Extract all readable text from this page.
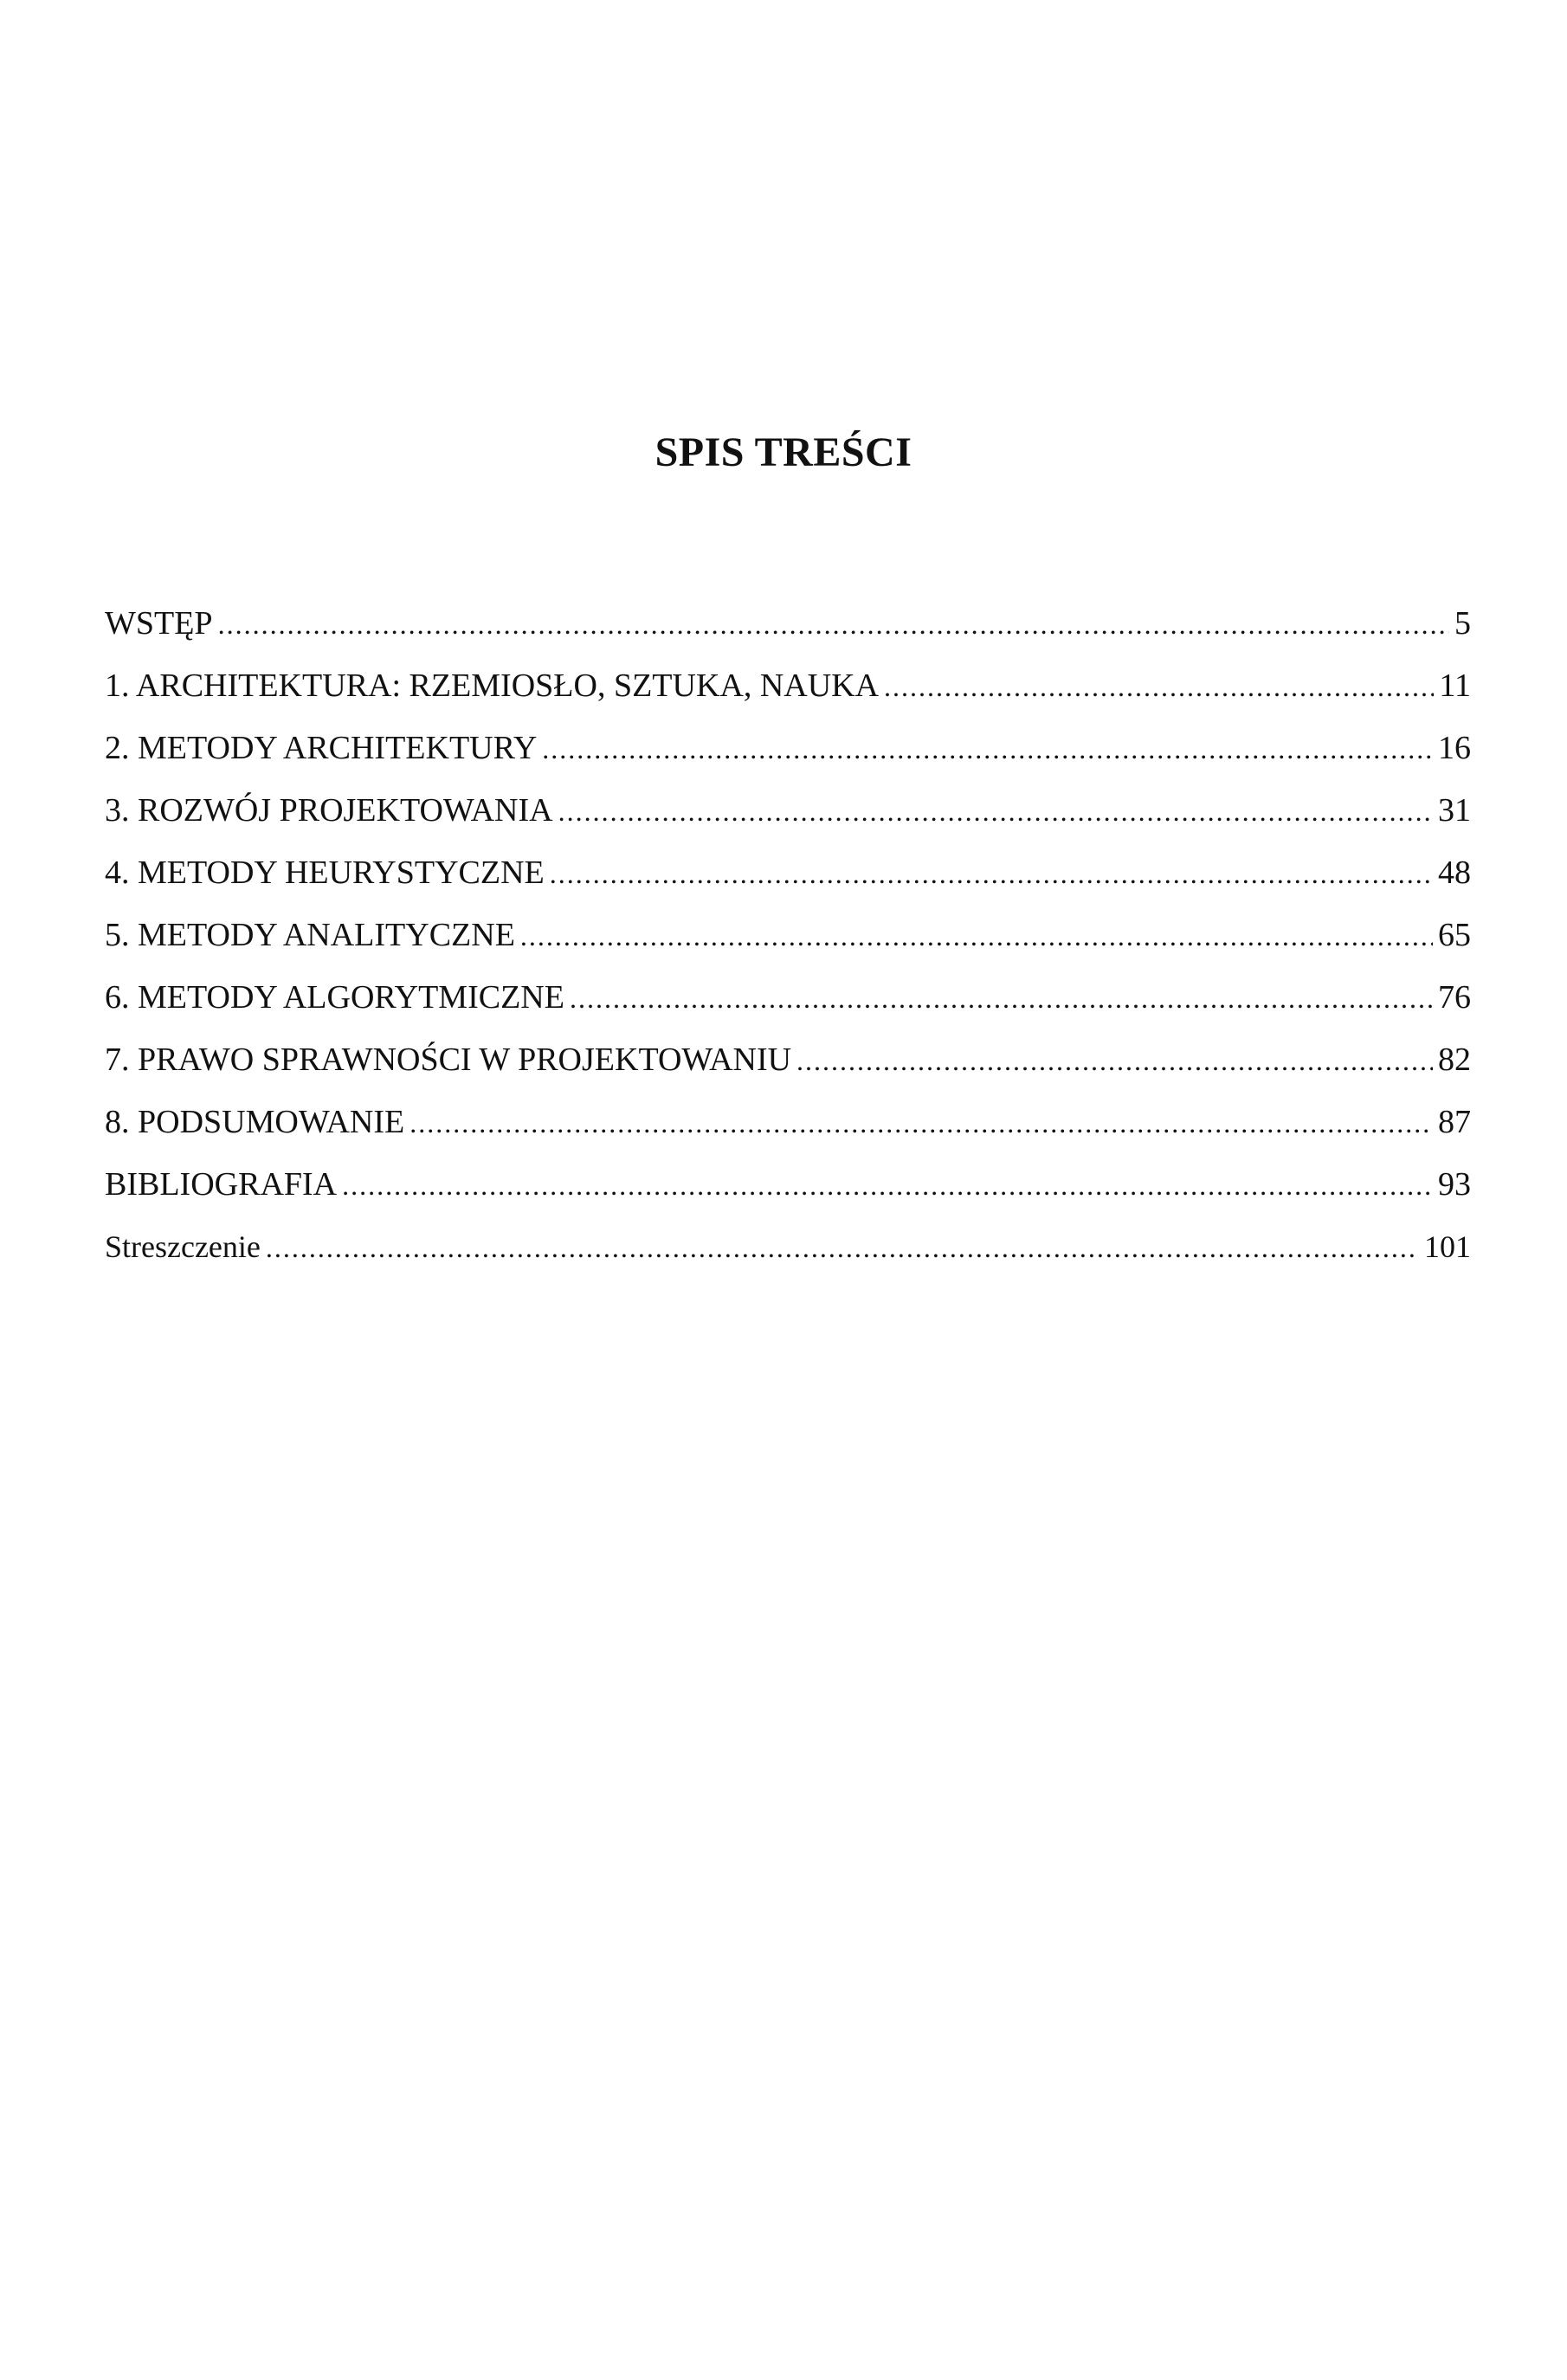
SPIS TREŚCI
WSTĘP .....	5
1. ARCHITEKTURA: RZEMIOSŁO, SZTUKA, NAUKA .....	11
2. METODY ARCHITEKTURY .....	16
3. ROZWÓJ PROJEKTOWANIA .....	31
4. METODY HEURYSTYCZNE .....	48
5. METODY ANALITYCZNE .....	65
6. METODY ALGORYTMICZNE .....	76
7. PRAWO SPRAWNOŚCI W PROJEKTOWANIU .....	82
8. PODSUMOWANIE .....	87
BIBLIOGRAFIA .....	93
Streszczenie .....	101
